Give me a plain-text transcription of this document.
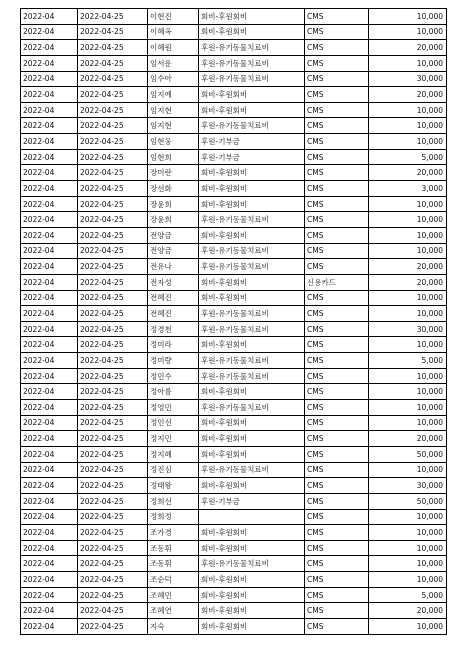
2022-04	2022-04-25	이현진	회비-후원회비	CMS	10,000
2022-04	2022-04-25	이혜옥	회비-후원회비	CMS	10,000
2022-04	2022-04-25	이혜원	후원-유기동물치료비	CMS	20,000
2022-04	2022-04-25	임서운	후원-유기동물치료비	CMS	10,000
2022-04	2022-04-25	임수아	후원-유기동물치료비	CMS	30,000
2022-04	2022-04-25	임지예	회비-후원회비	CMS	20,000
2022-04	2022-04-25	임지현	회비-후원회비	CMS	10,000
2022-04	2022-04-25	임지현	후원-유기동물치료비	CMS	10,000
2022-04	2022-04-25	임현웅	후원-기부금	CMS	10,000
2022-04	2022-04-25	임현희	후원-기부금	CMS	5,000
2022-04	2022-04-25	장미란	회비-후원회비	CMS	20,000
2022-04	2022-04-25	장선화	회비-후원회비	CMS	3,000
2022-04	2022-04-25	장윤희	회비-후원회비	CMS	10,000
2022-04	2022-04-25	장윤희	후원-유기동물치료비	CMS	10,000
2022-04	2022-04-25	전양금	회비-후원회비	CMS	10,000
2022-04	2022-04-25	전양금	후원-유기동물치료비	CMS	10,000
2022-04	2022-04-25	전유나	후원-유기동물치료비	CMS	20,000
2022-04	2022-04-25	전자성	회비-후원회비	신용카드	20,000
2022-04	2022-04-25	전혜진	회비-후원회비	CMS	10,000
2022-04	2022-04-25	전혜진	후원-유기동물치료비	CMS	10,000
2022-04	2022-04-25	정경천	후원-유기동물치료비	CMS	30,000
2022-04	2022-04-25	정미라	회비-후원회비	CMS	10,000
2022-04	2022-04-25	정미량	후원-유기동물치료비	CMS	5,000
2022-04	2022-04-25	정민수	후원-유기동물치료비	CMS	10,000
2022-04	2022-04-25	정아름	회비-후원회비	CMS	10,000
2022-04	2022-04-25	정영민	후원-유기동물치료비	CMS	10,000
2022-04	2022-04-25	정인선	회비-후원회비	CMS	10,000
2022-04	2022-04-25	정지민	회비-후원회비	CMS	20,000
2022-04	2022-04-25	정지혜	회비-후원회비	CMS	50,000
2022-04	2022-04-25	정진심	후원-유기동물치료비	CMS	10,000
2022-04	2022-04-25	정태왕	회비-후원회비	CMS	30,000
2022-04	2022-04-25	정희선	후원-기부금	CMS	50,000
2022-04	2022-04-25	정희정		CMS	10,000
2022-04	2022-04-25	조가경	회비-후원회비	CMS	10,000
2022-04	2022-04-25	조동휘	회비-후원회비	CMS	10,000
2022-04	2022-04-25	조동휘	후원-유기동물치료비	CMS	10,000
2022-04	2022-04-25	조순덕	회비-후원회비	CMS	10,000
2022-04	2022-04-25	조혜민	회비-후원회비	CMS	5,000
2022-04	2022-04-25	조혜연	회비-후원회비	CMS	20,000
2022-04	2022-04-25	지숙	회비-후원회비	CMS	10,000
